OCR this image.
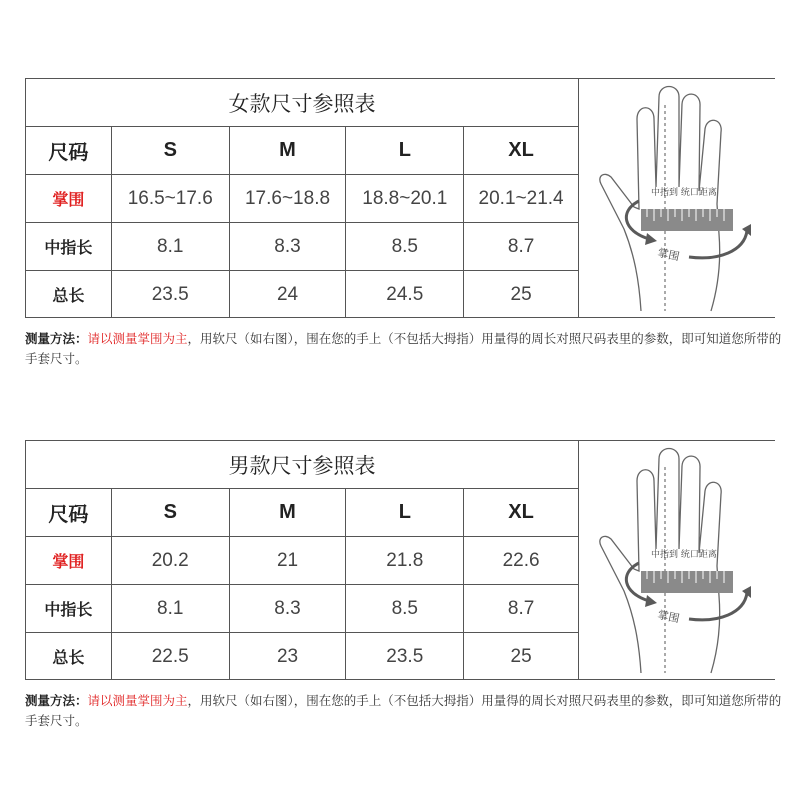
女款尺寸参照表
尺码	S	M	L	XL
掌围	16.5~17.6	17.6~18.8	18.8~20.1	20.1~21.4
中指长	8.1	8.3	8.5	8.7
总长	23.5	24	24.5	25
中指到 统口距离
掌围
测量方法：请以测量掌围为主，用软尺（如右图），围在您的手上（不包括大拇指）用量得的周长对照尺码表里的参数，即可知道您所带的手套尺寸。
男款尺寸参照表
尺码	S	M	L	XL
掌围	20.2	21	21.8	22.6
中指长	8.1	8.3	8.5	8.7
总长	22.5	23	23.5	25
中指到 统口距离
掌围
测量方法：请以测量掌围为主，用软尺（如右图），围在您的手上（不包括大拇指）用量得的周长对照尺码表里的参数，即可知道您所带的手套尺寸。
